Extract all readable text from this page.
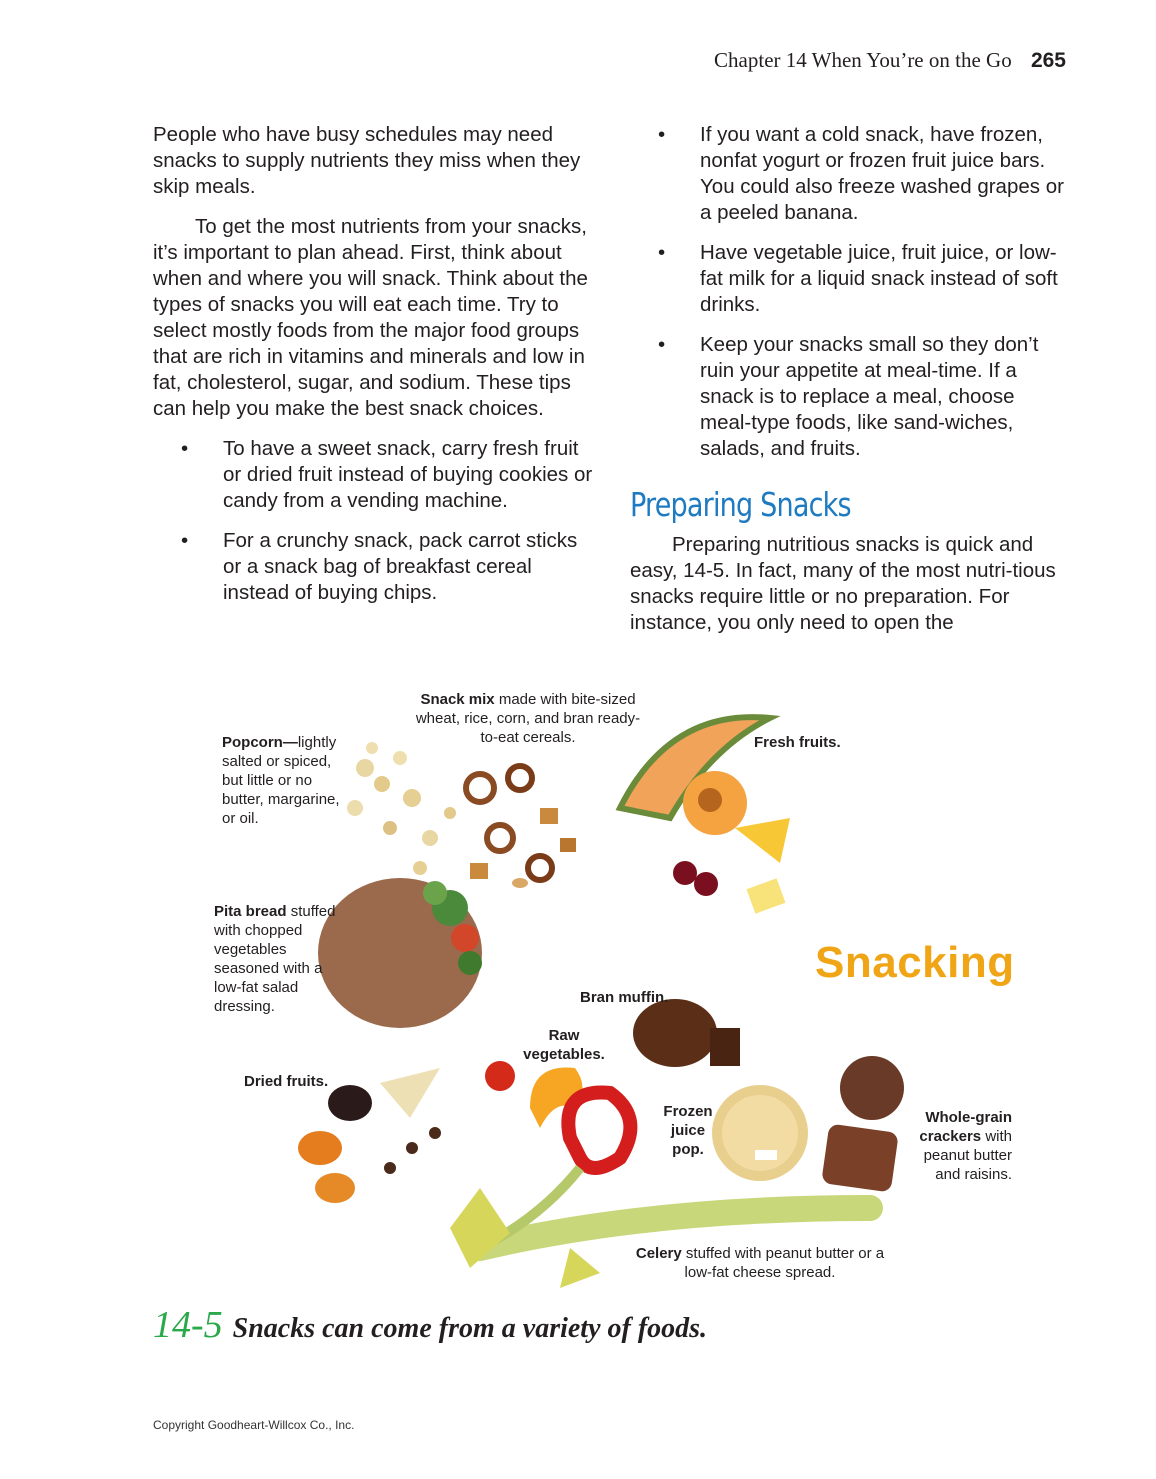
Chapter 14 When You’re on the Go 265

People who have busy schedules may need snacks to supply nutrients they miss when they skip meals.

To get the most nutrients from your snacks, it’s important to plan ahead. First, think about when and where you will snack. Think about the types of snacks you will eat each time. Try to select mostly foods from the major food groups that are rich in vitamins and minerals and low in fat, cholesterol, sugar, and sodium. These tips can help you make the best snack choices.

• To have a sweet snack, carry fresh fruit or dried fruit instead of buying cookies or candy from a vending machine.
• For a crunchy snack, pack carrot sticks or a snack bag of breakfast cereal instead of buying chips.
• If you want a cold snack, have frozen, nonfat yogurt or frozen fruit juice bars. You could also freeze washed grapes or a peeled banana.
• Have vegetable juice, fruit juice, or low-fat milk for a liquid snack instead of soft drinks.
• Keep your snacks small so they don’t ruin your appetite at meal-time. If a snack is to replace a meal, choose meal-type foods, like sand-wiches, salads, and fruits.
Preparing Snacks

Preparing nutritious snacks is quick and easy, 14-5. In fact, many of the most nutri-tious snacks require little or no preparation. For instance, you only need to open the

Snack mix made with bite-sized wheat, rice, corn, and bran ready-to-eat cereals.
Popcorn—lightly salted or spiced, but little or no butter, margarine, or oil.
Fresh fruits.
Pita bread stuffed with chopped vegetables seasoned with a low-fat salad dressing.
Bran muffin.
Raw vegetables.
Dried fruits.
Frozen juice pop.
Whole-grain crackers with peanut butter and raisins.
Celery stuffed with peanut butter or a low-fat cheese spread.
Snacking
14-5 Snacks can come from a variety of foods.
Copyright Goodheart-Willcox Co., Inc.
